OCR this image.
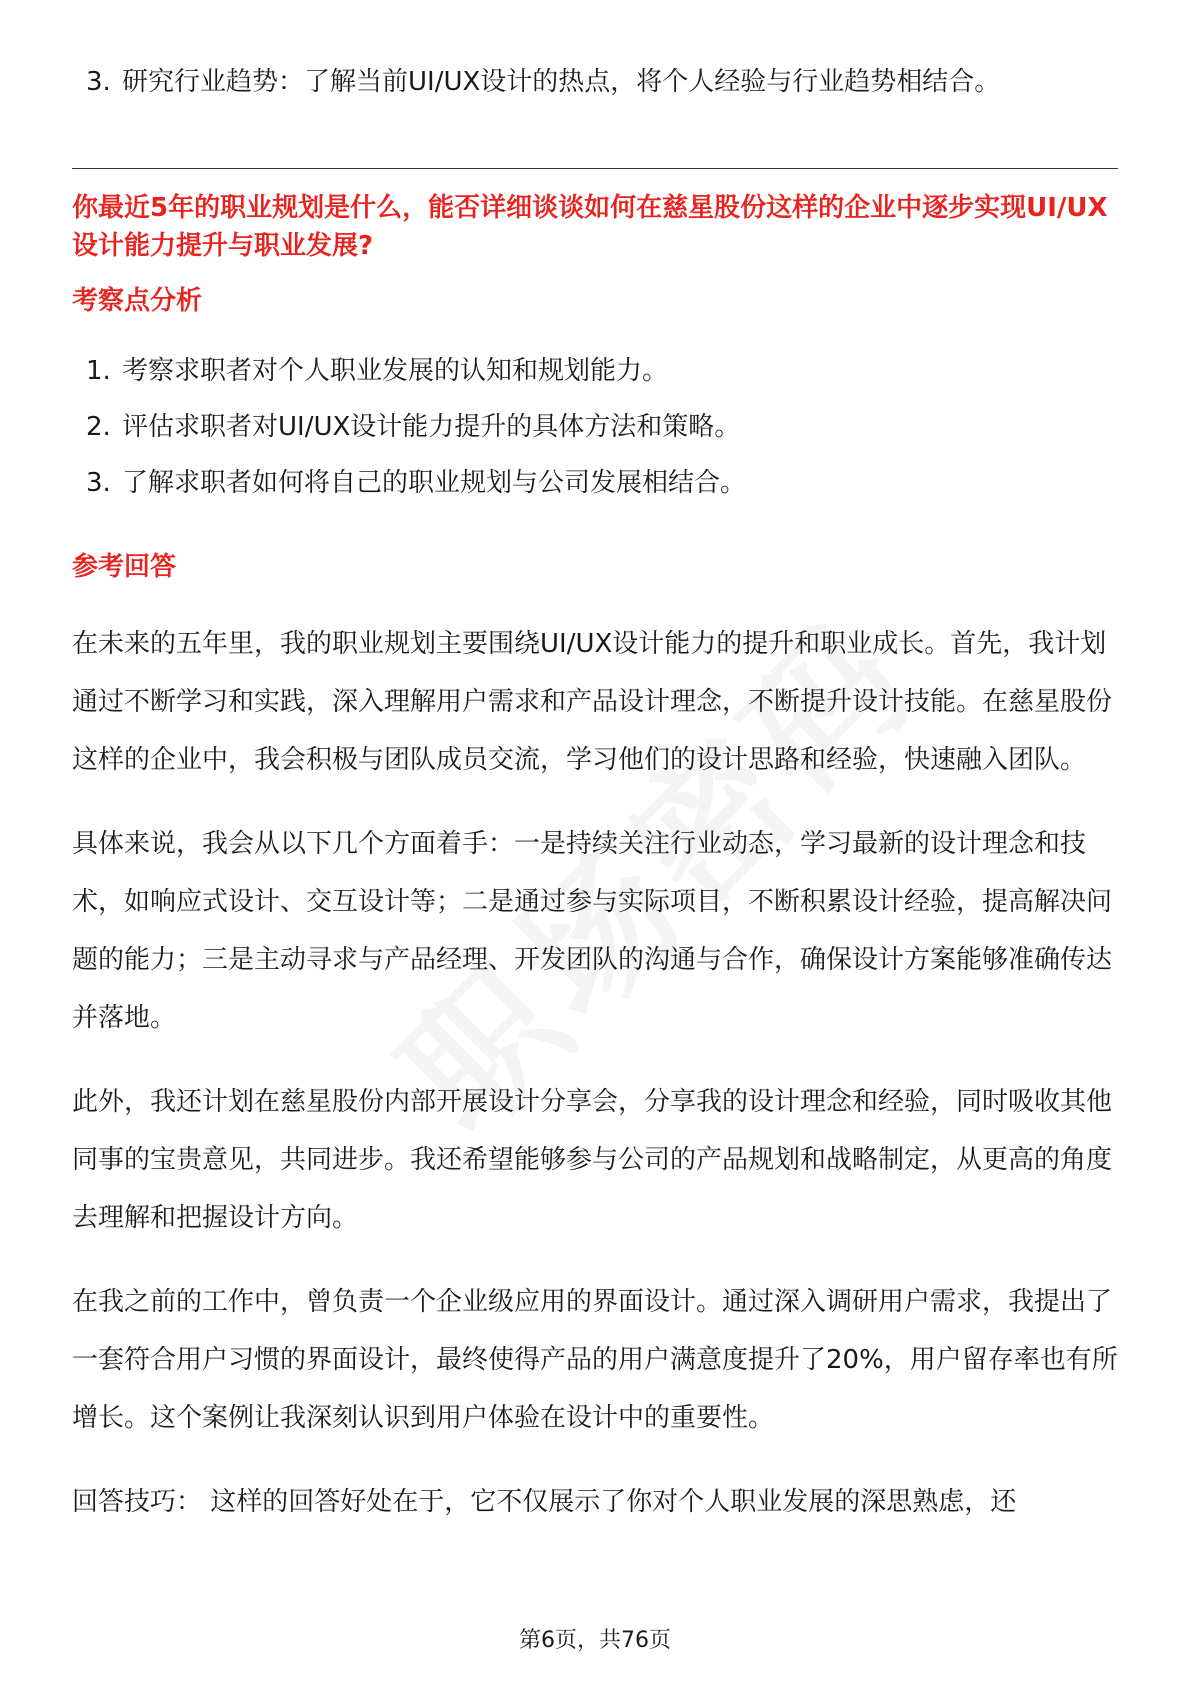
3. 研究行业趋势：了解当前UI/UX设计的热点，将个人经验与行业趋势相结合。
你最近5年的职业规划是什么，能否详细谈谈如何在慈星股份这样的企业中逐步实现UI/UX设计能力提升与职业发展?
考察点分析
1. 考察求职者对个人职业发展的认知和规划能力。
2. 评估求职者对UI/UX设计能力提升的具体方法和策略。
3. 了解求职者如何将自己的职业规划与公司发展相结合。
参考回答

在未来的五年里，我的职业规划主要围绕UI/UX设计能力的提升和职业成长。首先，我计划通过不断学习和实践，深入理解用户需求和产品设计理念，不断提升设计技能。在慈星股份这样的企业中，我会积极与团队成员交流，学习他们的设计思路和经验，快速融入团队。

具体来说，我会从以下几个方面着手：一是持续关注行业动态，学习最新的设计理念和技术，如响应式设计、交互设计等；二是通过参与实际项目，不断积累设计经验，提高解决问题的能力；三是主动寻求与产品经理、开发团队的沟通与合作，确保设计方案能够准确传达并落地。

此外，我还计划在慈星股份内部开展设计分享会，分享我的设计理念和经验，同时吸收其他同事的宝贵意见，共同进步。我还希望能够参与公司的产品规划和战略制定，从更高的角度去理解和把握设计方向。

在我之前的工作中，曾负责一个企业级应用的界面设计。通过深入调研用户需求，我提出了一套符合用户习惯的界面设计，最终使得产品的用户满意度提升了20%，用户留存率也有所增长。这个案例让我深刻认识到用户体验在设计中的重要性。

回答技巧： 这样的回答好处在于，它不仅展示了你对个人职业发展的深思熟虑，还

第6页，共76页
